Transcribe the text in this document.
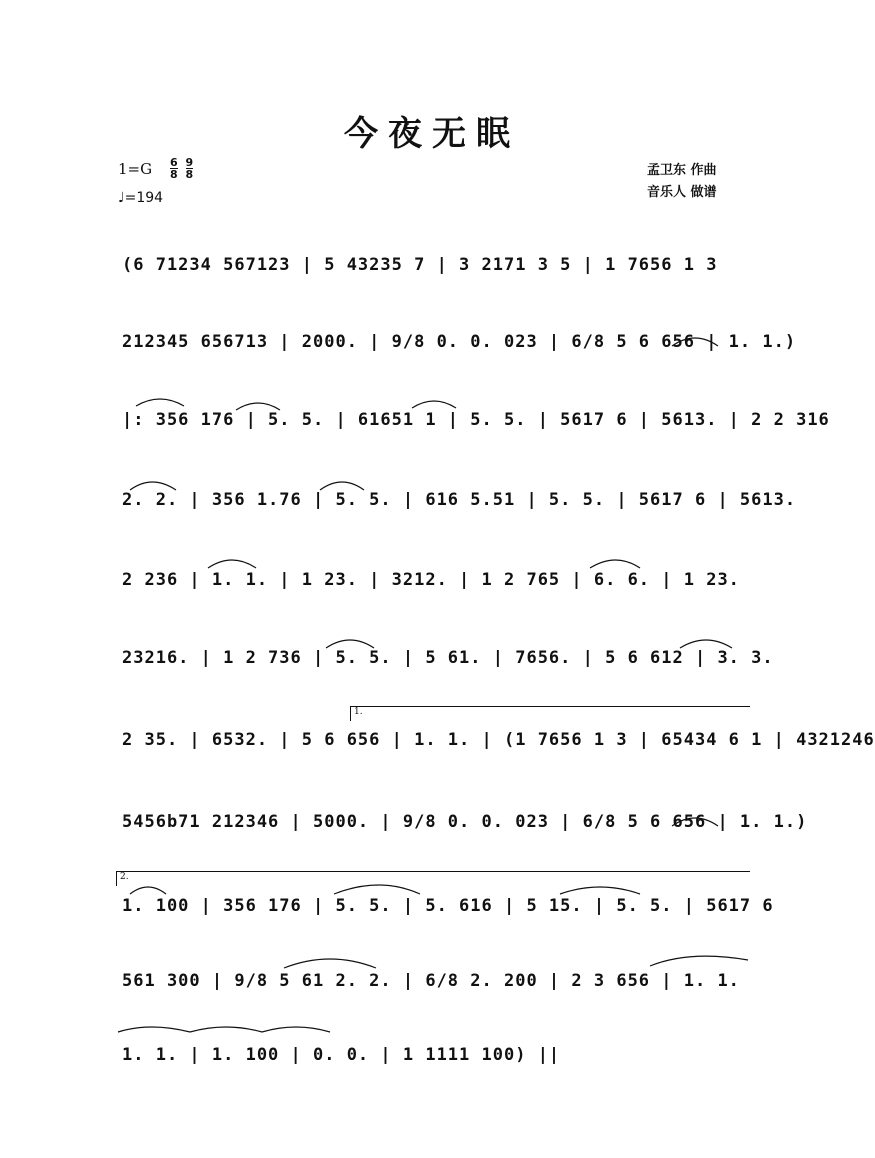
今夜无眠
$1=G \frac{6}{8} \frac{9}{8}$
♩=194
孟卫东 作曲
音乐人 做谱
(6 71234 567123 | 5 43235 7 | 3 2171 3 5 | 1 7656 1 3
212345 656713 | 2000. | 9/8 0. 0. 023 | 6/8 5 6 656 | 1. 1.)
|: 356 176 | 5. 5. | 61651 1 | 5. 5. | 5617 6 | 5613. | 2 2 316
2. 2. | 356 1.76 | 5. 5. | 616 5.51 | 5. 5. | 5617 6 | 5613.
2 236 | 1. 1. | 1 23. | 3212. | 1 2 765 | 6. 6. | 1 23.
23216. | 1 2 736 | 5. 5. | 5 61. | 7656. | 5 6 612 | 3. 3.
1.
2 35. | 6532. | 5 6 656 | 1. 1. | (1 7656 1 3 | 65434 6 1 | 4321246
5456b71 212346 | 5000. | 9/8 0. 0. 023 | 6/8 5 6 656 | 1. 1.)
2.
1. 100 | 356 176 | 5. 5. | 5. 616 | 5 15. | 5. 5. | 5617 6
561 300 | 9/8 5 61 2. 2. | 6/8 2. 200 | 2 3 656 | 1. 1.
1. 1. | 1. 100 | 0. 0. | 1 1111 100) ||
